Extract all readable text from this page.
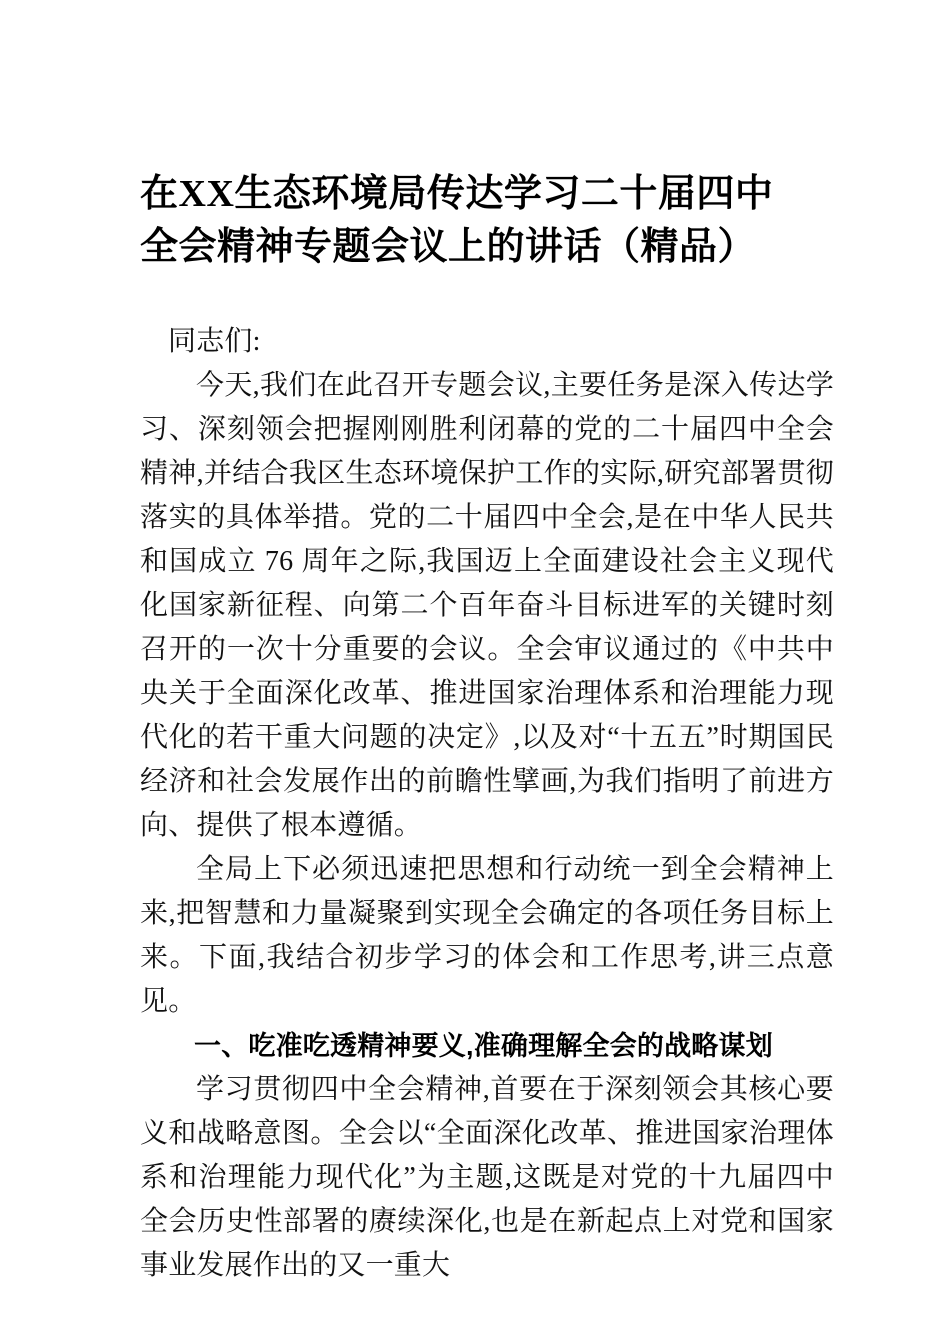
在XX生态环境局传达学习二十届四中
全会精神专题会议上的讲话（精品）

同志们:

今天,我们在此召开专题会议,主要任务是深入传达学习、深刻领会把握刚刚胜利闭幕的党的二十届四中全会精神,并结合我区生态环境保护工作的实际,研究部署贯彻落实的具体举措。党的二十届四中全会,是在中华人民共和国成立 76 周年之际,我国迈上全面建设社会主义现代化国家新征程、向第二个百年奋斗目标进军的关键时刻召开的一次十分重要的会议。全会审议通过的《中共中央关于全面深化改革、推进国家治理体系和治理能力现代化的若干重大问题的决定》,以及对“十五五”时期国民经济和社会发展作出的前瞻性擘画,为我们指明了前进方向、提供了根本遵循。

全局上下必须迅速把思想和行动统一到全会精神上来,把智慧和力量凝聚到实现全会确定的各项任务目标上来。下面,我结合初步学习的体会和工作思考,讲三点意见。

一、吃准吃透精神要义,准确理解全会的战略谋划

学习贯彻四中全会精神,首要在于深刻领会其核心要义和战略意图。全会以“全面深化改革、推进国家治理体系和治理能力现代化”为主题,这既是对党的十九届四中全会历史性部署的赓续深化,也是在新起点上对党和国家事业发展作出的又一重大
